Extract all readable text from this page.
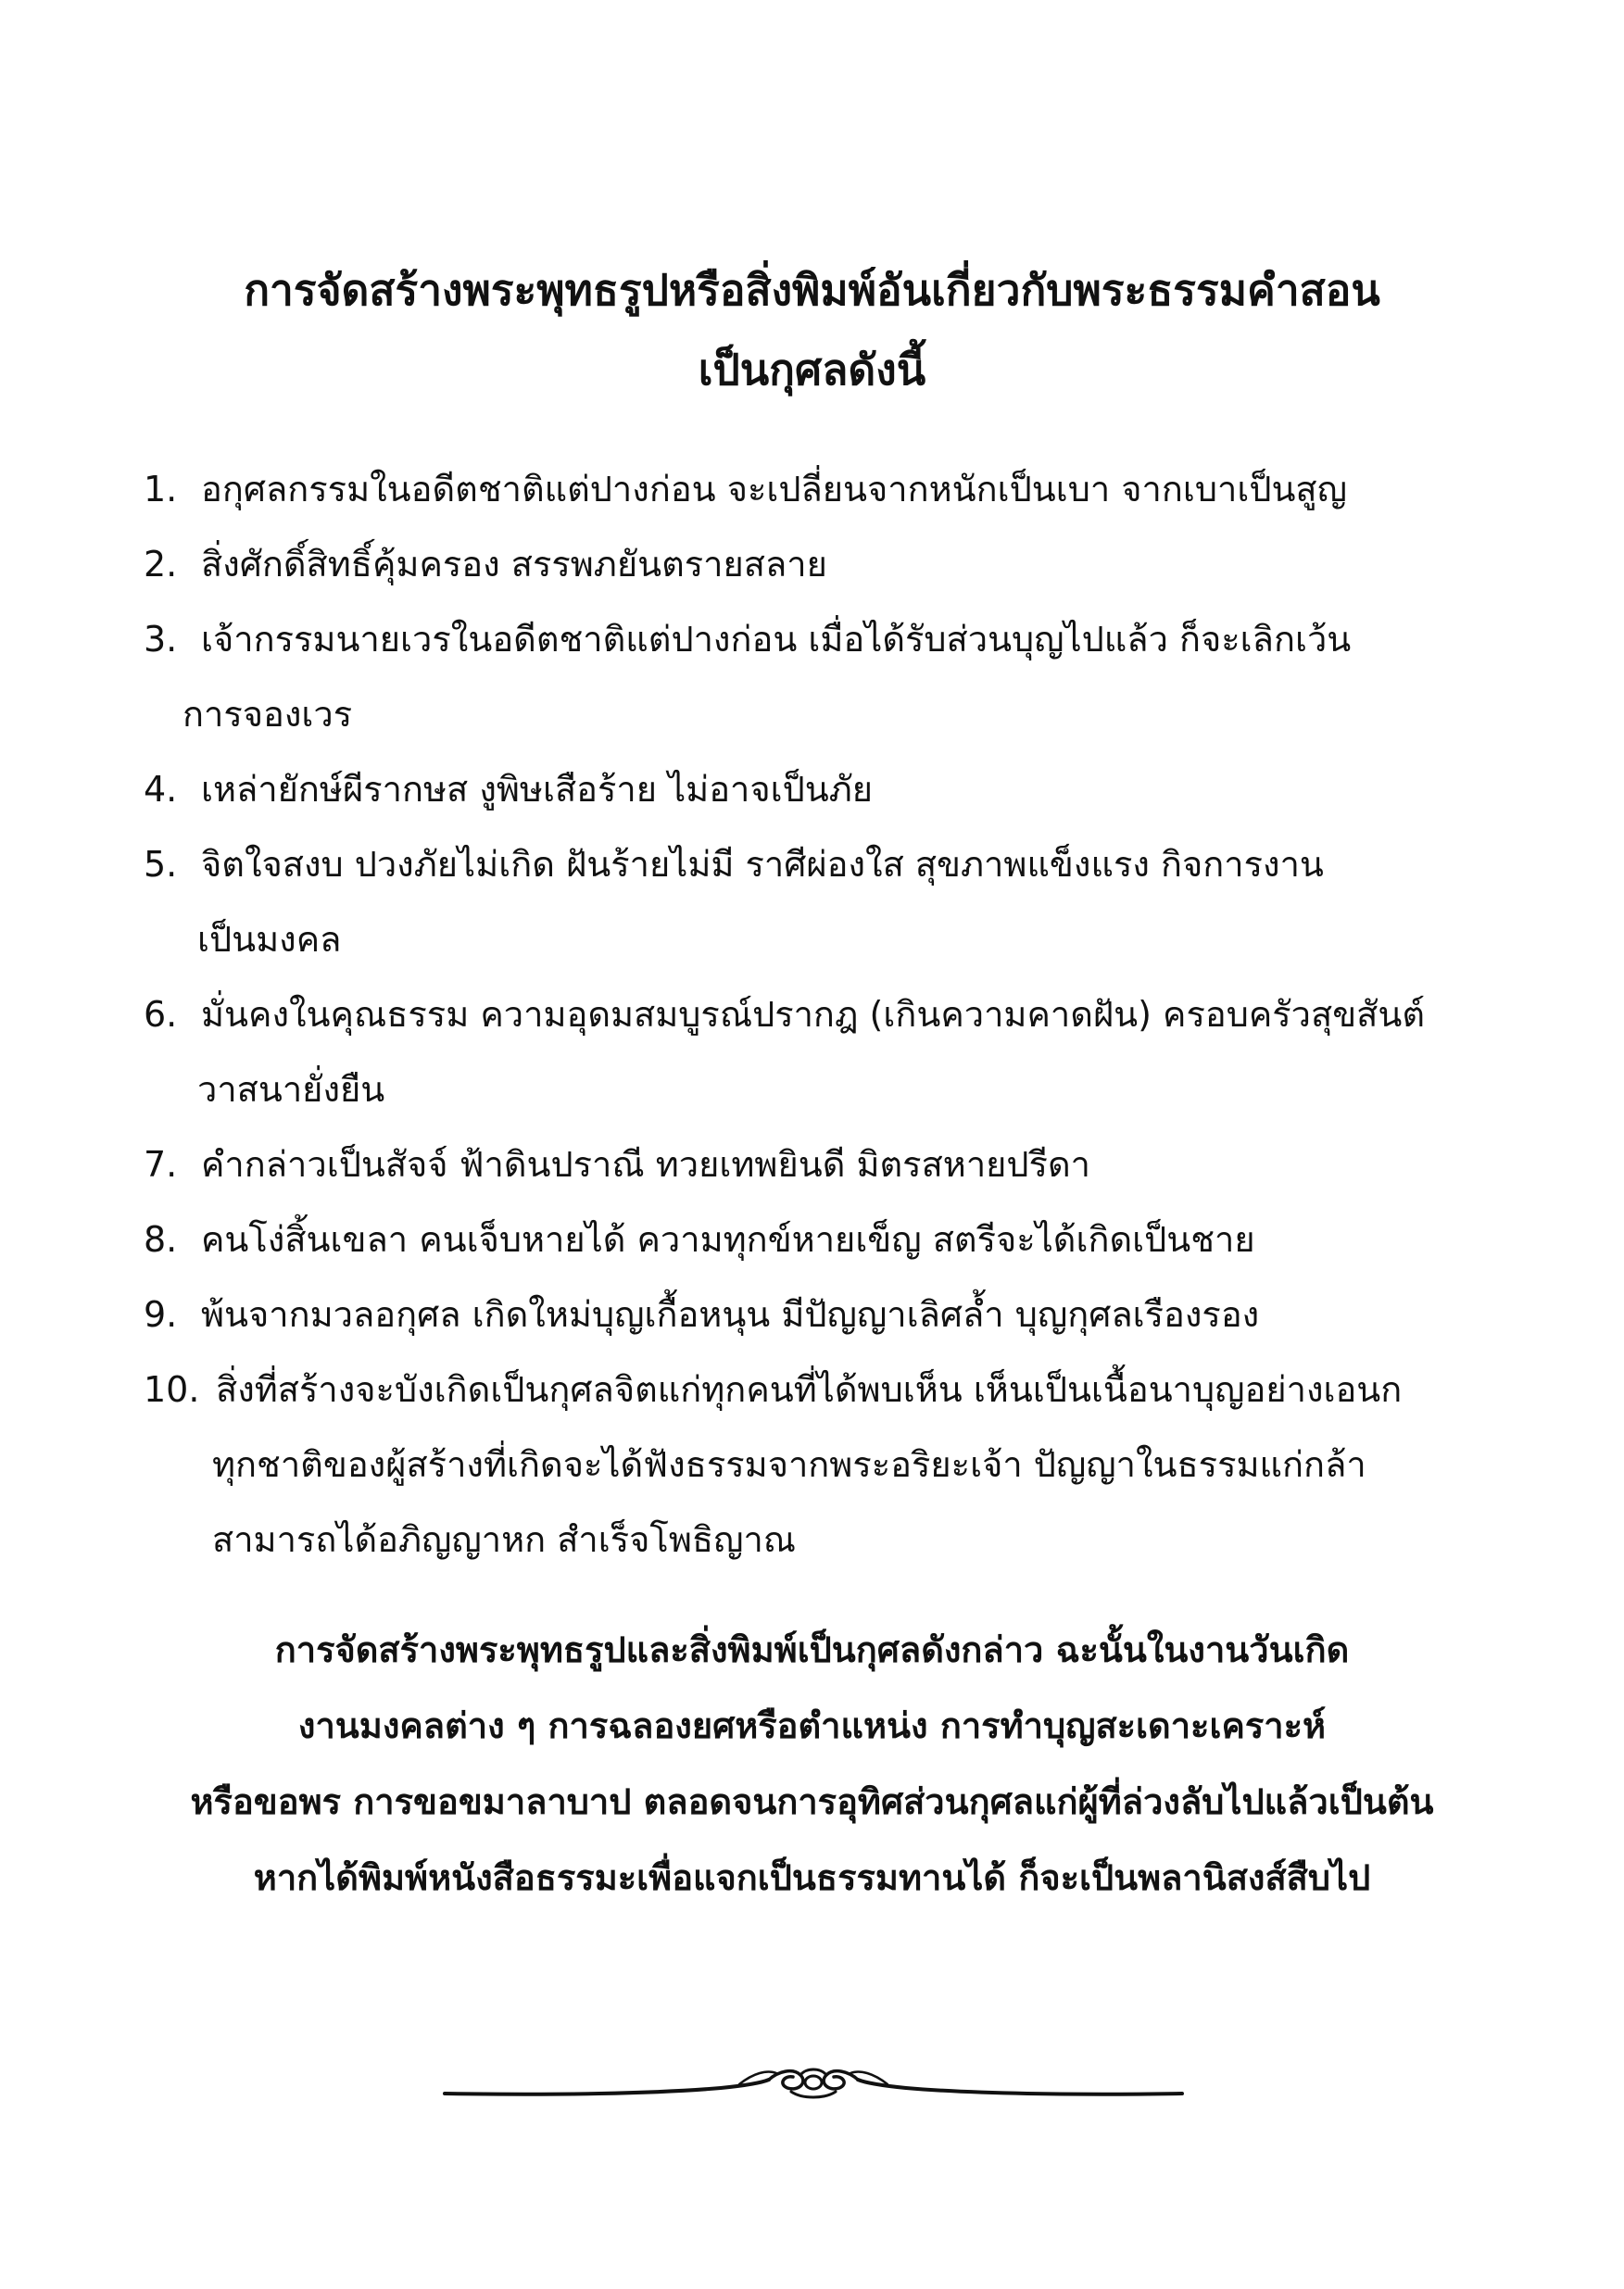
การจัดสร้างพระพุทธรูปหรือสิ่งพิมพ์อันเกี่ยวกับพระธรรมคำสอน
เป็นกุศลดังนี้
1. อกุศลกรรมในอดีตชาติแต่ปางก่อน จะเปลี่ยนจากหนักเป็นเบา จากเบาเป็นสูญ
2. สิ่งศักดิ์สิทธิ์คุ้มครอง สรรพภยันตรายสลาย
3. เจ้ากรรมนายเวรในอดีตชาติแต่ปางก่อน เมื่อได้รับส่วนบุญไปแล้ว ก็จะเลิกเว้น
การจองเวร
4. เหล่ายักษ์ผีรากษส งูพิษเสือร้าย ไม่อาจเป็นภัย
5. จิตใจสงบ ปวงภัยไม่เกิด ฝันร้ายไม่มี ราศีผ่องใส สุขภาพแข็งแรง กิจการงาน
เป็นมงคล
6. มั่นคงในคุณธรรม ความอุดมสมบูรณ์ปรากฎ (เกินความคาดฝัน) ครอบครัวสุขสันต์
วาสนายั่งยืน
7. คำกล่าวเป็นสัจจ์ ฟ้าดินปราณี ทวยเทพยินดี มิตรสหายปรีดา
8. คนโง่สิ้นเขลา คนเจ็บหายได้ ความทุกข์หายเข็ญ สตรีจะได้เกิดเป็นชาย
9. พ้นจากมวลอกุศล เกิดใหม่บุญเกื้อหนุน มีปัญญาเลิศล้ำ บุญกุศลเรืองรอง
10. สิ่งที่สร้างจะบังเกิดเป็นกุศลจิตแก่ทุกคนที่ได้พบเห็น เห็นเป็นเนื้อนาบุญอย่างเอนก
ทุกชาติของผู้สร้างที่เกิดจะได้ฟังธรรมจากพระอริยะเจ้า ปัญญาในธรรมแก่กล้า
สามารถได้อภิญญาหก สำเร็จโพธิญาณ
การจัดสร้างพระพุทธรูปและสิ่งพิมพ์เป็นกุศลดังกล่าว ฉะนั้นในงานวันเกิด
งานมงคลต่าง ๆ การฉลองยศหรือตำแหน่ง การทำบุญสะเดาะเคราะห์
หรือขอพร การขอขมาลาบาป ตลอดจนการอุทิศส่วนกุศลแก่ผู้ที่ล่วงลับไปแล้วเป็นต้น
หากได้พิมพ์หนังสือธรรมะเพื่อแจกเป็นธรรมทานได้ ก็จะเป็นพลานิสงส์สืบไป
